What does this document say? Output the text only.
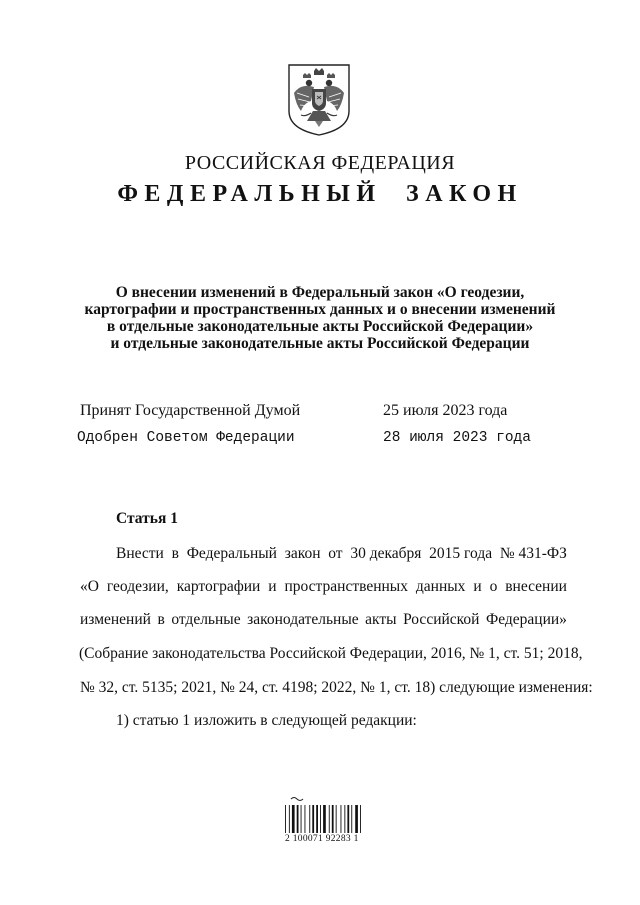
РОССИЙСКАЯ ФЕДЕРАЦИЯ
ФЕДЕРАЛЬНЫЙ ЗАКОН
О внесении изменений в Федеральный закон «О геодезии,
картографии и пространственных данных и о внесении изменений
в отдельные законодательные акты Российской Федерации»
и отдельные законодательные акты Российской Федерации
Принят Государственной Думой	25 июля 2023 года
Одобрен Советом Федерации	28 июля 2023 года
Статья 1
Внести в Федеральный закон от 30 декабря 2015 года № 431-ФЗ
«О геодезии, картографии и пространственных данных и о внесении
изменений в отдельные законодательные акты Российской Федерации»
(Собрание законодательства Российской Федерации, 2016, № 1, ст. 51; 2018,
№ 32, ст. 5135; 2021, № 24, ст. 4198; 2022, № 1, ст. 18) следующие изменения:
1) статью 1 изложить в следующей редакции:
2 100071 92283 1
